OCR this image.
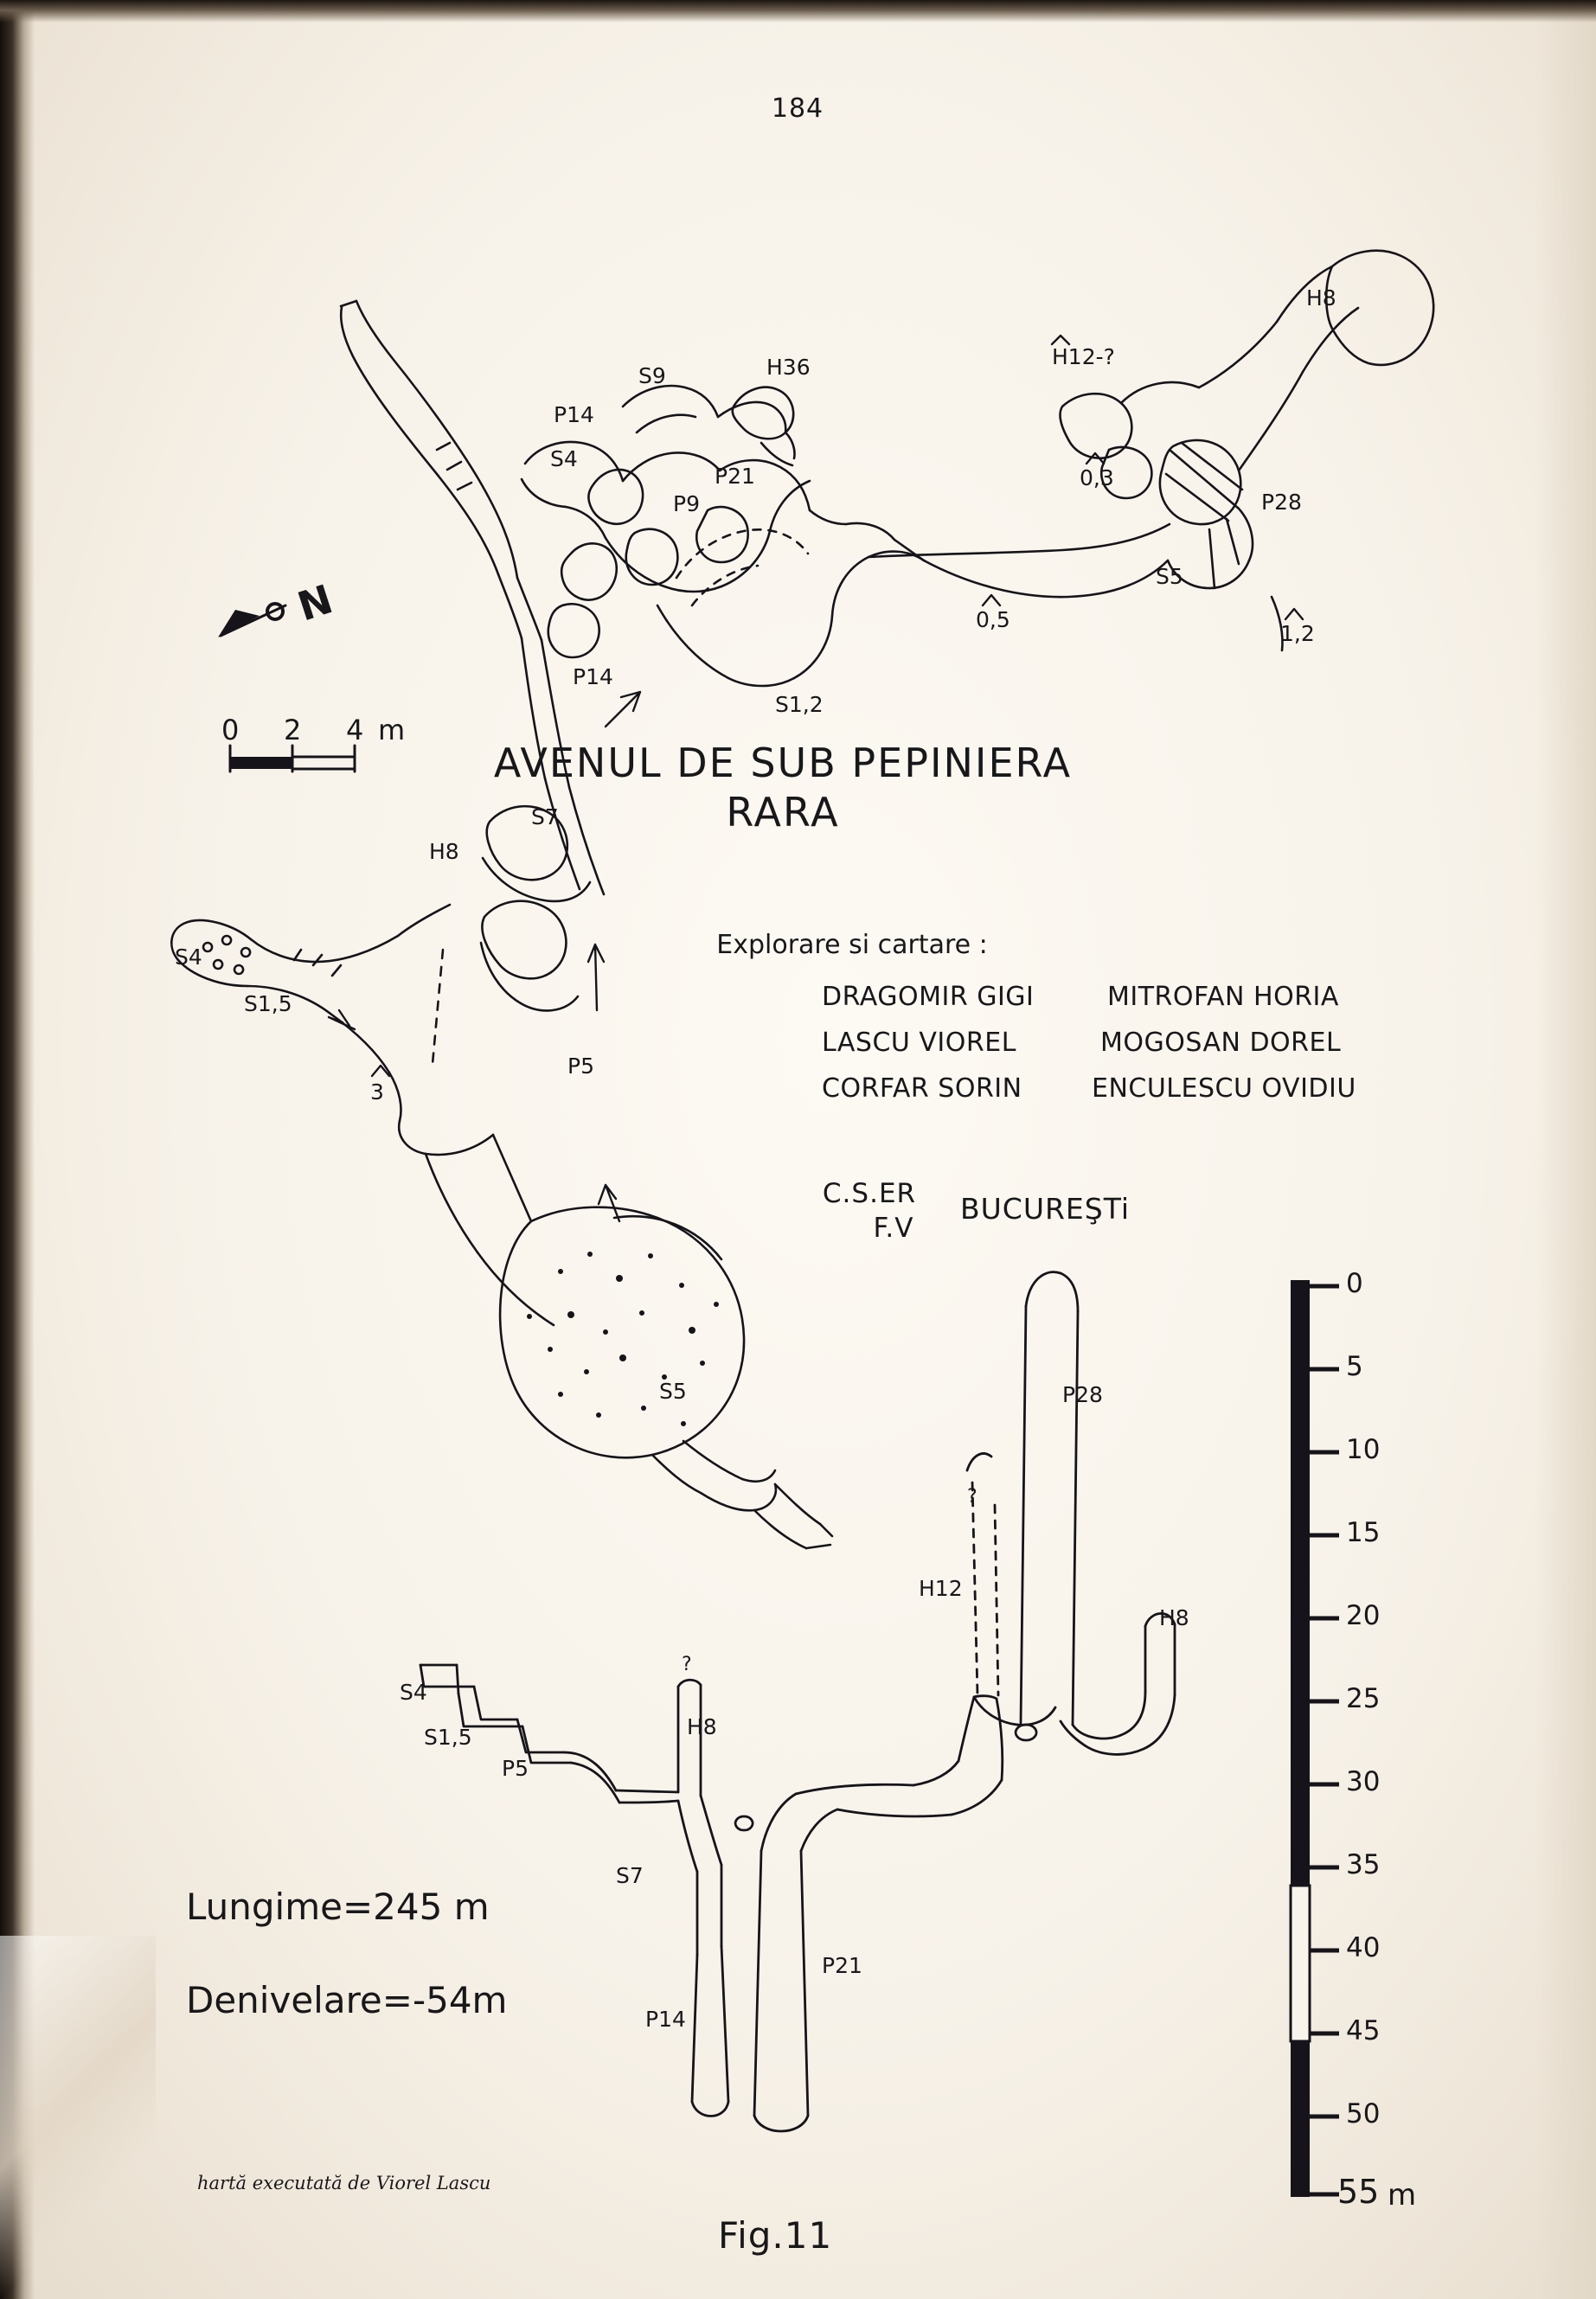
184
N
0 2 4 m
AVENUL DE SUB PEPINIERA
RARA
Explorare si cartare :
DRAGOMIR GIGI
LASCU VIOREL
CORFAR SORIN
MITROFAN HORIA
MOGOSAN DOREL
ENCULESCU OVIDIU
C.S.ER
F.V
BUCUREŞTi
Lungime=245 m
Denivelare=-54m
hartă executată de Viorel Lascu
Fig.11
H8
H12-?
H36
S9
P14
S4
P21
P9
0,3
P28
S5
0,5
1,2
P14
S1,2
S7
H8
S4
S1,5
3
P5
S5	P28
H12
H8
S4
S1,5	H8
P5
S7
P21
P14
?
?
0
5
10
15
20
25
30
35
40
45
50
55 m
